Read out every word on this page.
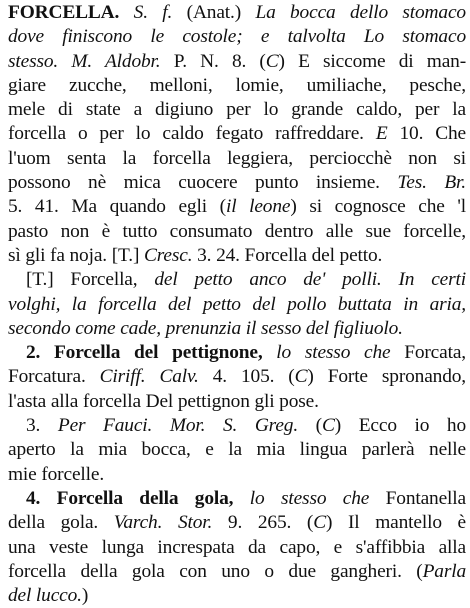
FORCELLA. S. f. (Anat.) La bocca dello stomaco
dove finiscono le costole; e talvolta Lo stomaco
stesso. M. Aldobr. P. N. 8. (C) E siccome di man-
giare zucche, melloni, lomie, umiliache, pesche,
mele di state a digiuno per lo grande caldo, per la
forcella o per lo caldo fegato raffreddare. E 10. Che
l'uom senta la forcella leggiera, perciocchè non si
possono nè mica cuocere punto insieme. Tes. Br.
5. 41. Ma quando egli (il leone) si cognosce che 'l
pasto non è tutto consumato dentro alle sue forcelle,
sì gli fa noja. [T.] Cresc. 3. 24. Forcella del petto.
[T.] Forcella, del petto anco de' polli. In certi
volghi, la forcella del petto del pollo buttata in aria,
secondo come cade, prenunzia il sesso del figliuolo.
2. Forcella del pettignone, lo stesso che Forcata,
Forcatura. Ciriff. Calv. 4. 105. (C) Forte spronando,
l'asta alla forcella Del pettignon gli pose.
3. Per Fauci. Mor. S. Greg. (C) Ecco io ho
aperto la mia bocca, e la mia lingua parlerà nelle
mie forcelle.
4. Forcella della gola, lo stesso che Fontanella
della gola. Varch. Stor. 9. 265. (C) Il mantello è
una veste lunga increspata da capo, e s'affibbia alla
forcella della gola con uno o due gangheri. (Parla
del lucco.)
